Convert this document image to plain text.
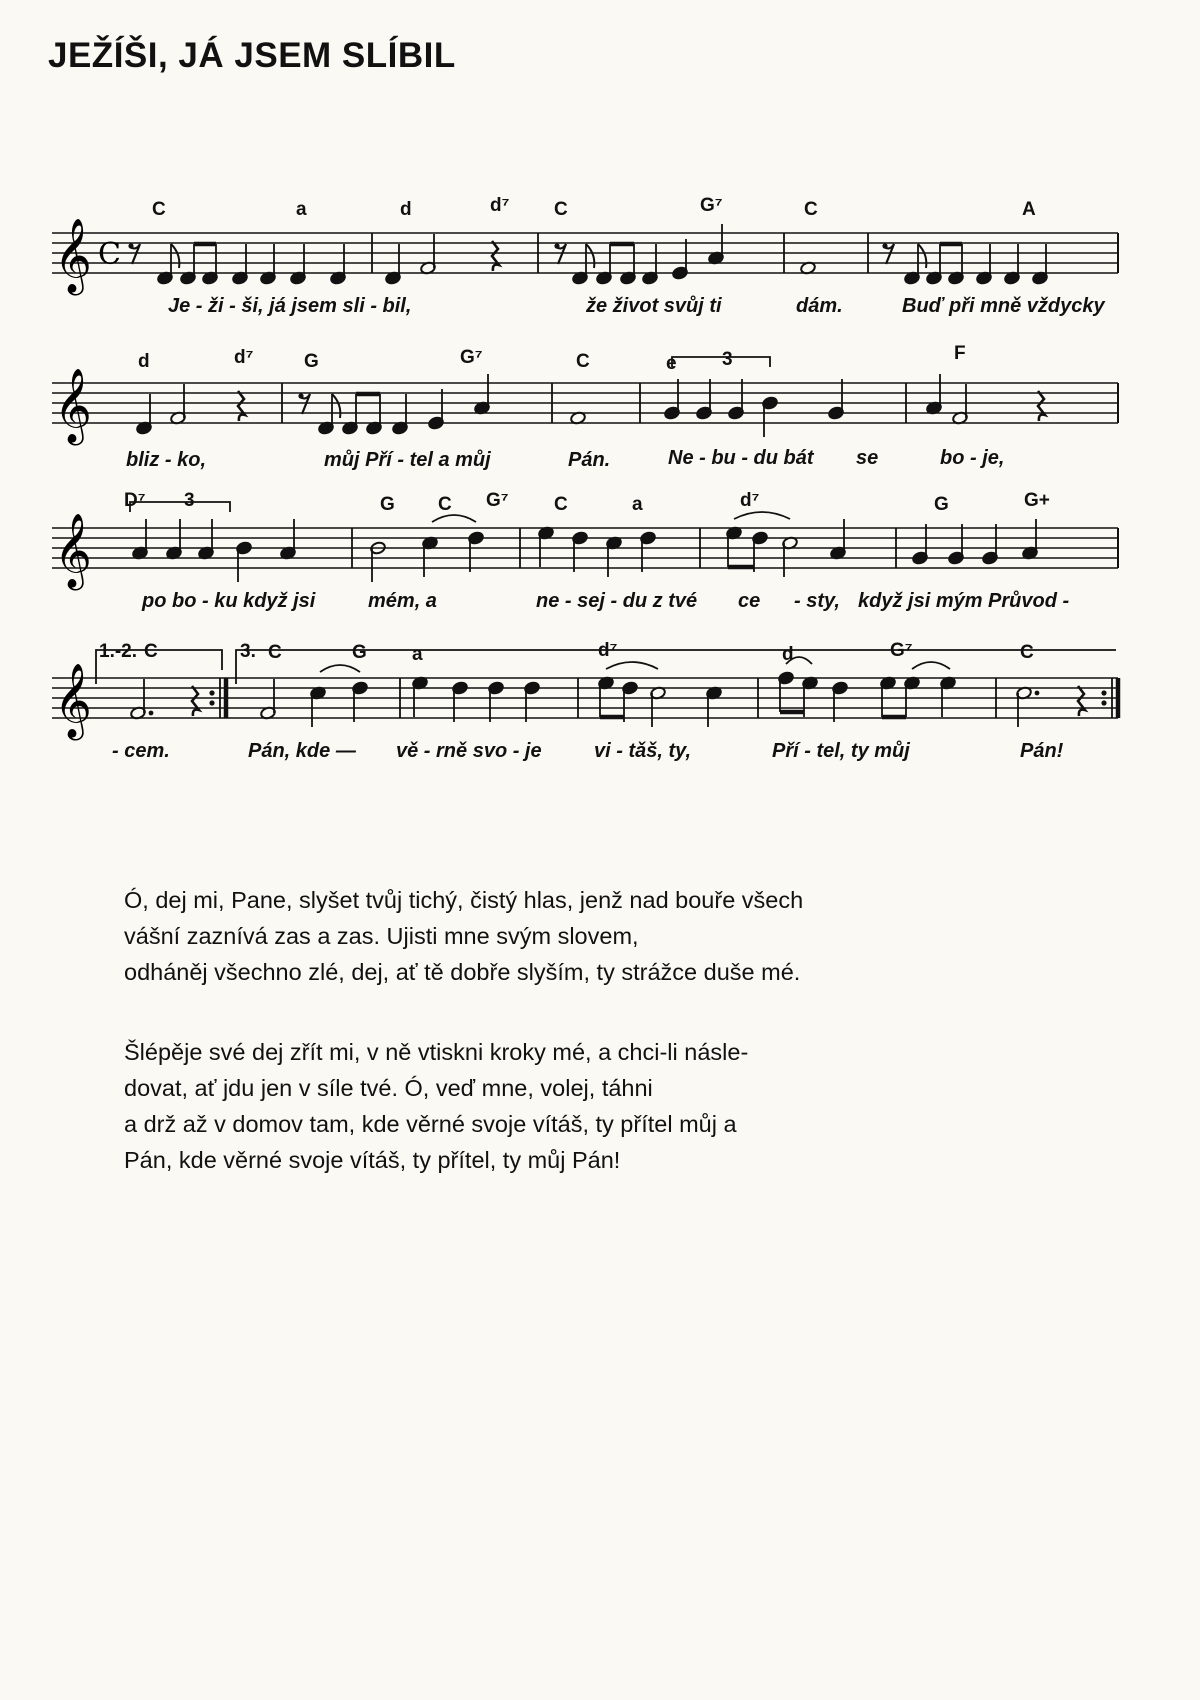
JEŽÍŠI, JÁ JSEM SLÍBIL
𝄞 C
C	a	d	d⁷ C	G⁷	C	A
Je - ži - ši, já jsem sli - bil,	že život svůj ti	dám.	Buď při mně vždycky
𝄞
d	d⁷	G	G⁷	C	e	F
3
bliz - ko,	můj Pří - tel a můj	Pán.	Ne - bu - du bát se	bo - je,
𝄞
D⁷	G C G⁷ C	a	d⁷	G	G+
3
po bo - ku když jsi	mém, a	ne - sej - du z tvé ce - sty, když jsi mým Průvod -
𝄞
1.-2.	3.
C	C	G a	d⁷	d	G⁷	C
- cem.	Pán, kde — vě - rně svo - je	vi - tǎš, ty,	Pří - tel, ty můj	Pán!
Ó, dej mi, Pane, slyšet tvůj tichý, čistý hlas, jenž nad bouře všech
vášní zaznívá zas a zas. Ujisti mne svým slovem,
odháněj všechno zlé, dej, ať tě dobře slyším, ty strážce duše mé.
Šlépěje své dej zřít mi, v ně vtiskni kroky mé, a chci-li násle-
dovat, ať jdu jen v síle tvé. Ó, veď mne, volej, táhni
a drž až v domov tam, kde věrné svoje vítáš, ty přítel můj a
Pán, kde věrné svoje vítáš, ty přítel, ty můj Pán!
